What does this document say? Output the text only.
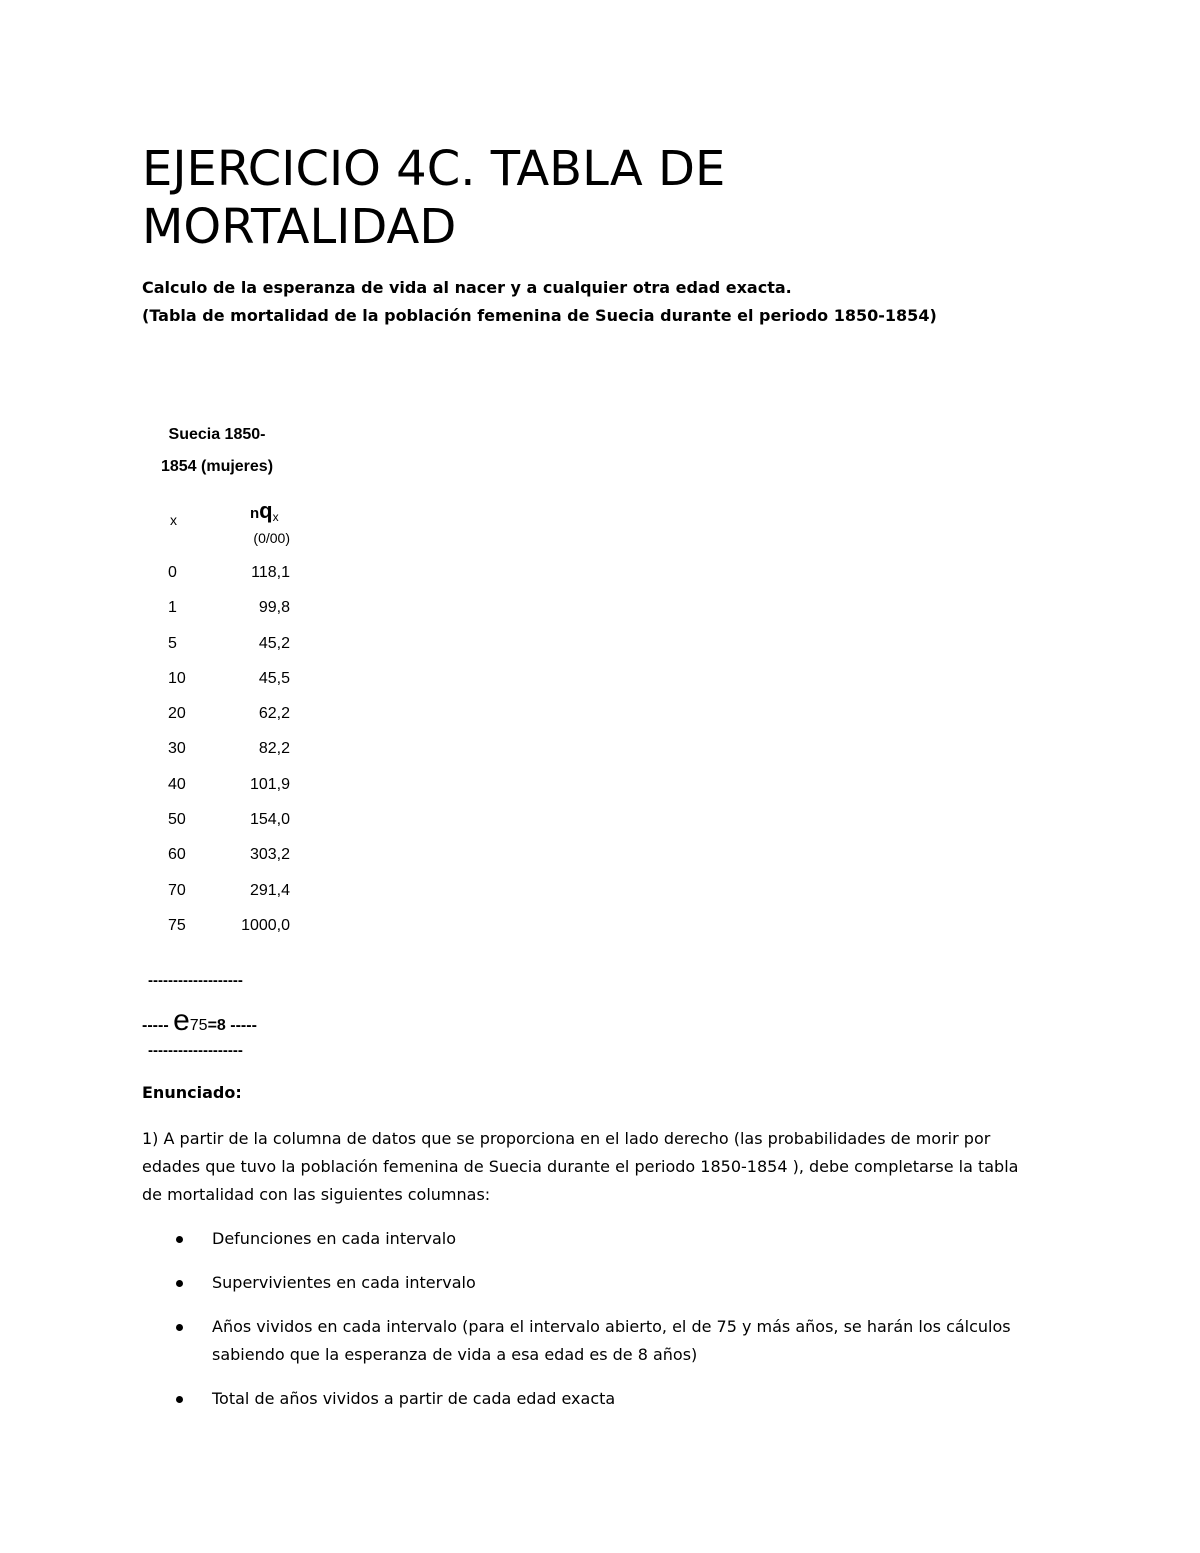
EJERCICIO 4C. TABLA DE MORTALIDAD

Calculo de la esperanza de vida al nacer y a cualquier otra edad exacta.

(Tabla de mortalidad de la población femenina de Suecia durante el periodo 1850-1854)

Suecia 1850-
1854 (mujeres)
x	$nq_x$
(0/00)
0	118,1
1	99,8
5	45,2
10	45,5
20	62,2
30	82,2
40	101,9
50	154,0
60	303,2
70	291,4
75	1000,0
-------------------
----- e75=8 -----
-------------------

Enunciado:

1) A partir de la columna de datos que se proporciona en el lado derecho (las probabilidades de morir por edades que tuvo la población femenina de Suecia durante el periodo 1850-1854 ), debe completarse la tabla de mortalidad con las siguientes columnas:

Defunciones en cada intervalo
Supervivientes en cada intervalo
Años vividos en cada intervalo (para el intervalo abierto, el de 75 y más años, se harán los cálculos sabiendo que la esperanza de vida a esa edad es de 8 años)
Total de años vividos a partir de cada edad exacta
